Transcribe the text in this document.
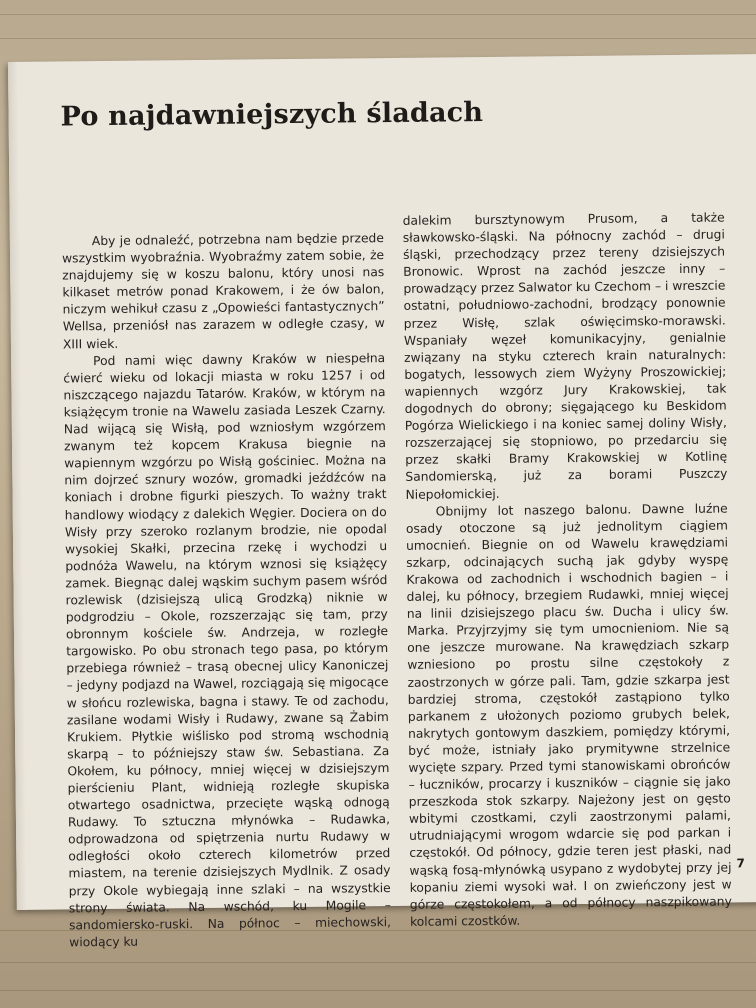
Po najdawniejszych śladach

Aby je odnaleźć, potrzebna nam będzie przede wszystkim wyobraźnia. Wyobraźmy zatem sobie, że znajdujemy się w koszu balonu, który unosi nas kilkaset metrów ponad Krakowem, i że ów balon, niczym wehikuł czasu z „Opowieści fantastycznych” Wellsa, przeniósł nas zarazem w odległe czasy, w XIII wiek.

Pod nami więc dawny Kraków w niespełna ćwierć wieku od lokacji miasta w roku 1257 i od niszczącego najazdu Tatarów. Kraków, w którym na książęcym tronie na Wawelu zasiada Leszek Czarny. Nad wijącą się Wisłą, pod wzniosłym wzgórzem zwanym też kopcem Krakusa biegnie na wapiennym wzgórzu po Wisłą gościniec. Można na nim dojrzeć sznury wozów, gromadki jeźdźców na koniach i drobne figurki pieszych. To ważny trakt handlowy wiodący z dalekich Węgier. Dociera on do Wisły przy szeroko rozlanym brodzie, nie opodal wysokiej Skałki, przecina rzekę i wychodzi u podnóża Wawelu, na którym wznosi się książęcy zamek. Biegnąc dalej wąskim suchym pasem wśród rozlewisk (dzisiejszą ulicą Grodzką) niknie w podgrodziu – Okole, rozszerzając się tam, przy obronnym kościele św. Andrzeja, w rozległe targowisko. Po obu stronach tego pasa, po którym przebiega również – trasą obecnej ulicy Kanoniczej – jedyny podjazd na Wawel, rozciągają się migocące w słońcu rozlewiska, bagna i stawy. Te od zachodu, zasilane wodami Wisły i Rudawy, zwane są Żabim Krukiem. Płytkie wiślisko pod stromą wschodnią skarpą – to późniejszy staw św. Sebastiana. Za Okołem, ku północy, mniej więcej w dzisiejszym pierścieniu Plant, widnieją rozległe skupiska otwartego osadnictwa, przecięte wąską odnogą Rudawy. To sztuczna młynówka – Rudawka, odprowadzona od spiętrzenia nurtu Rudawy w odległości około czterech kilometrów przed miastem, na terenie dzisiejszych Mydlnik. Z osady przy Okole wybiegają inne szlaki – na wszystkie strony świata. Na wschód, ku Mogile – sandomiersko-ruski. Na północ – miechowski, wiodący ku

dalekim bursztynowym Prusom, a także sławkowsko-śląski. Na północny zachód – drugi śląski, przechodzący przez tereny dzisiejszych Bronowic. Wprost na zachód jeszcze inny – prowadzący przez Salwator ku Czechom – i wreszcie ostatni, południowo-zachodni, brodzący ponownie przez Wisłę, szlak oświęcimsko-morawski. Wspaniały węzeł komunikacyjny, genialnie związany na styku czterech krain naturalnych: bogatych, lessowych ziem Wyżyny Proszowickiej; wapiennych wzgórz Jury Krakowskiej, tak dogodnych do obrony; sięgającego ku Beskidom Pogórza Wielickiego i na koniec samej doliny Wisły, rozszerzającej się stopniowo, po przedarciu się przez skałki Bramy Krakowskiej w Kotlinę Sandomierską, już za borami Puszczy Niepołomickiej.

Obnijmy lot naszego balonu. Dawne luźne osady otoczone są już jednolitym ciągiem umocnień. Biegnie on od Wawelu krawędziami szkarp, odcinających suchą jak gdyby wyspę Krakowa od zachodnich i wschodnich bagien – i dalej, ku północy, brzegiem Rudawki, mniej więcej na linii dzisiejszego placu św. Ducha i ulicy św. Marka. Przyjrzyjmy się tym umocnieniom. Nie są one jeszcze murowane. Na krawędziach szkarp wzniesiono po prostu silne częstokoły z zaostrzonych w górze pali. Tam, gdzie szkarpa jest bardziej stroma, częstokół zastąpiono tylko parkanem z ułożonych poziomo grubych belek, nakrytych gontowym daszkiem, pomiędzy którymi, być może, istniały jako prymitywne strzelnice wycięte szpary. Przed tymi stanowiskami obrońców – łuczników, procarzy i kuszników – ciągnie się jako przeszkoda stok szkarpy. Najeżony jest on gęsto wbitymi czostkami, czyli zaostrzonymi palami, utrudniającymi wrogom wdarcie się pod parkan i częstokół. Od północy, gdzie teren jest płaski, nad wąską fosą-młynówką usypano z wydobytej przy jej kopaniu ziemi wysoki wał. I on zwieńczony jest w górze częstokołem, a od północy naszpikowany kolcami czostków.

7
